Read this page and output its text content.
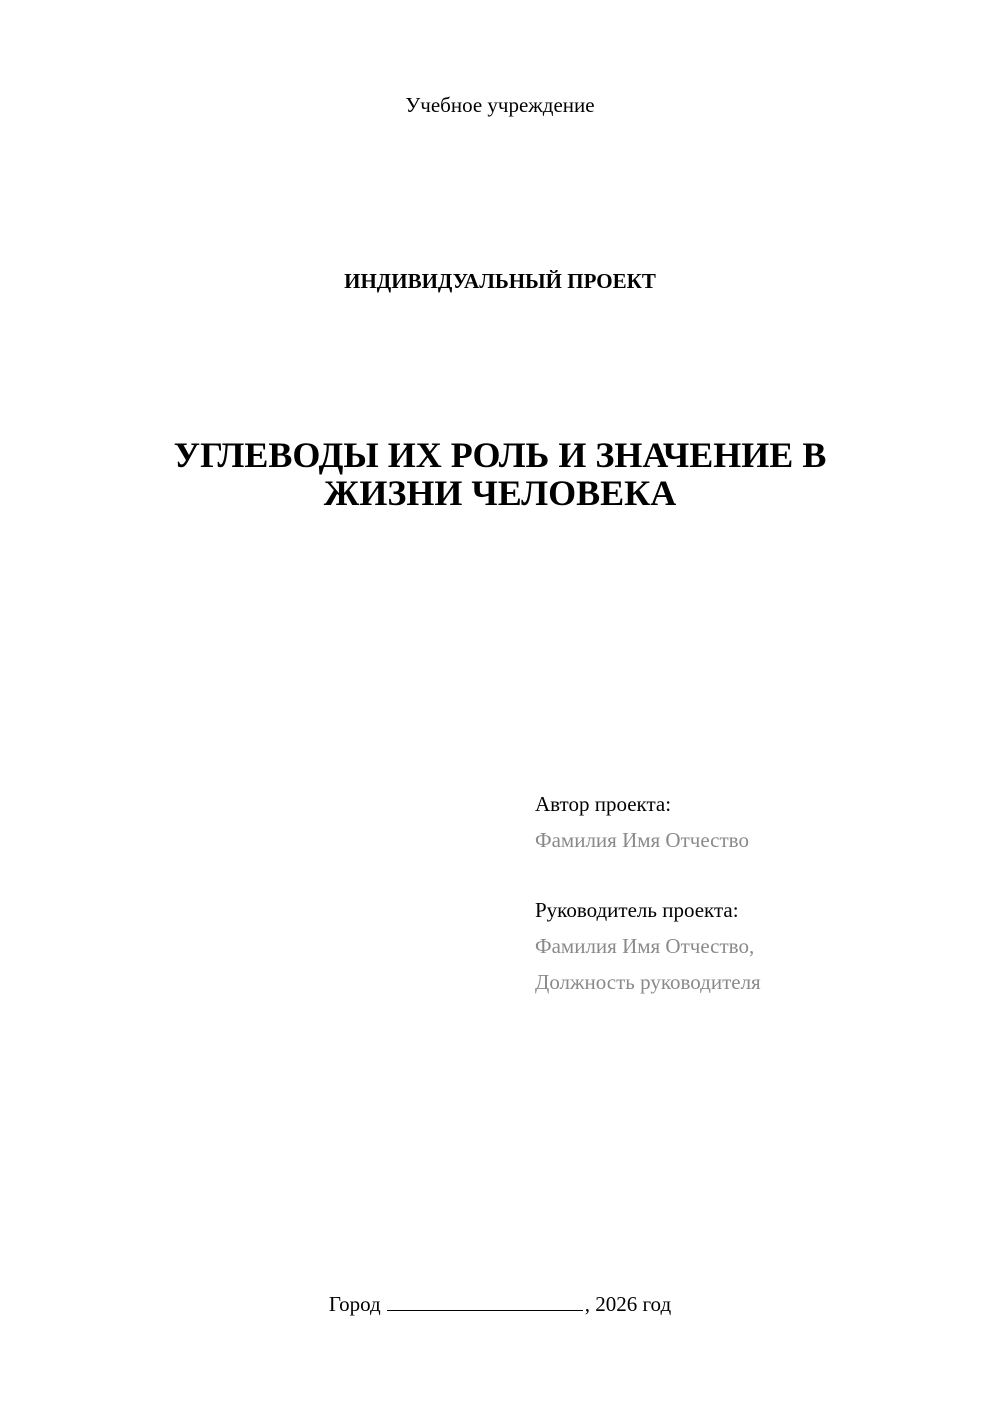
Учебное учреждение
ИНДИВИДУАЛЬНЫЙ ПРОЕКТ
УГЛЕВОДЫ ИХ РОЛЬ И ЗНАЧЕНИЕ В
ЖИЗНИ ЧЕЛОВЕКА
Автор проекта:
Фамилия Имя Отчество
Руководитель проекта:
Фамилия Имя Отчество,
Должность руководителя
Город	, 2026 год
